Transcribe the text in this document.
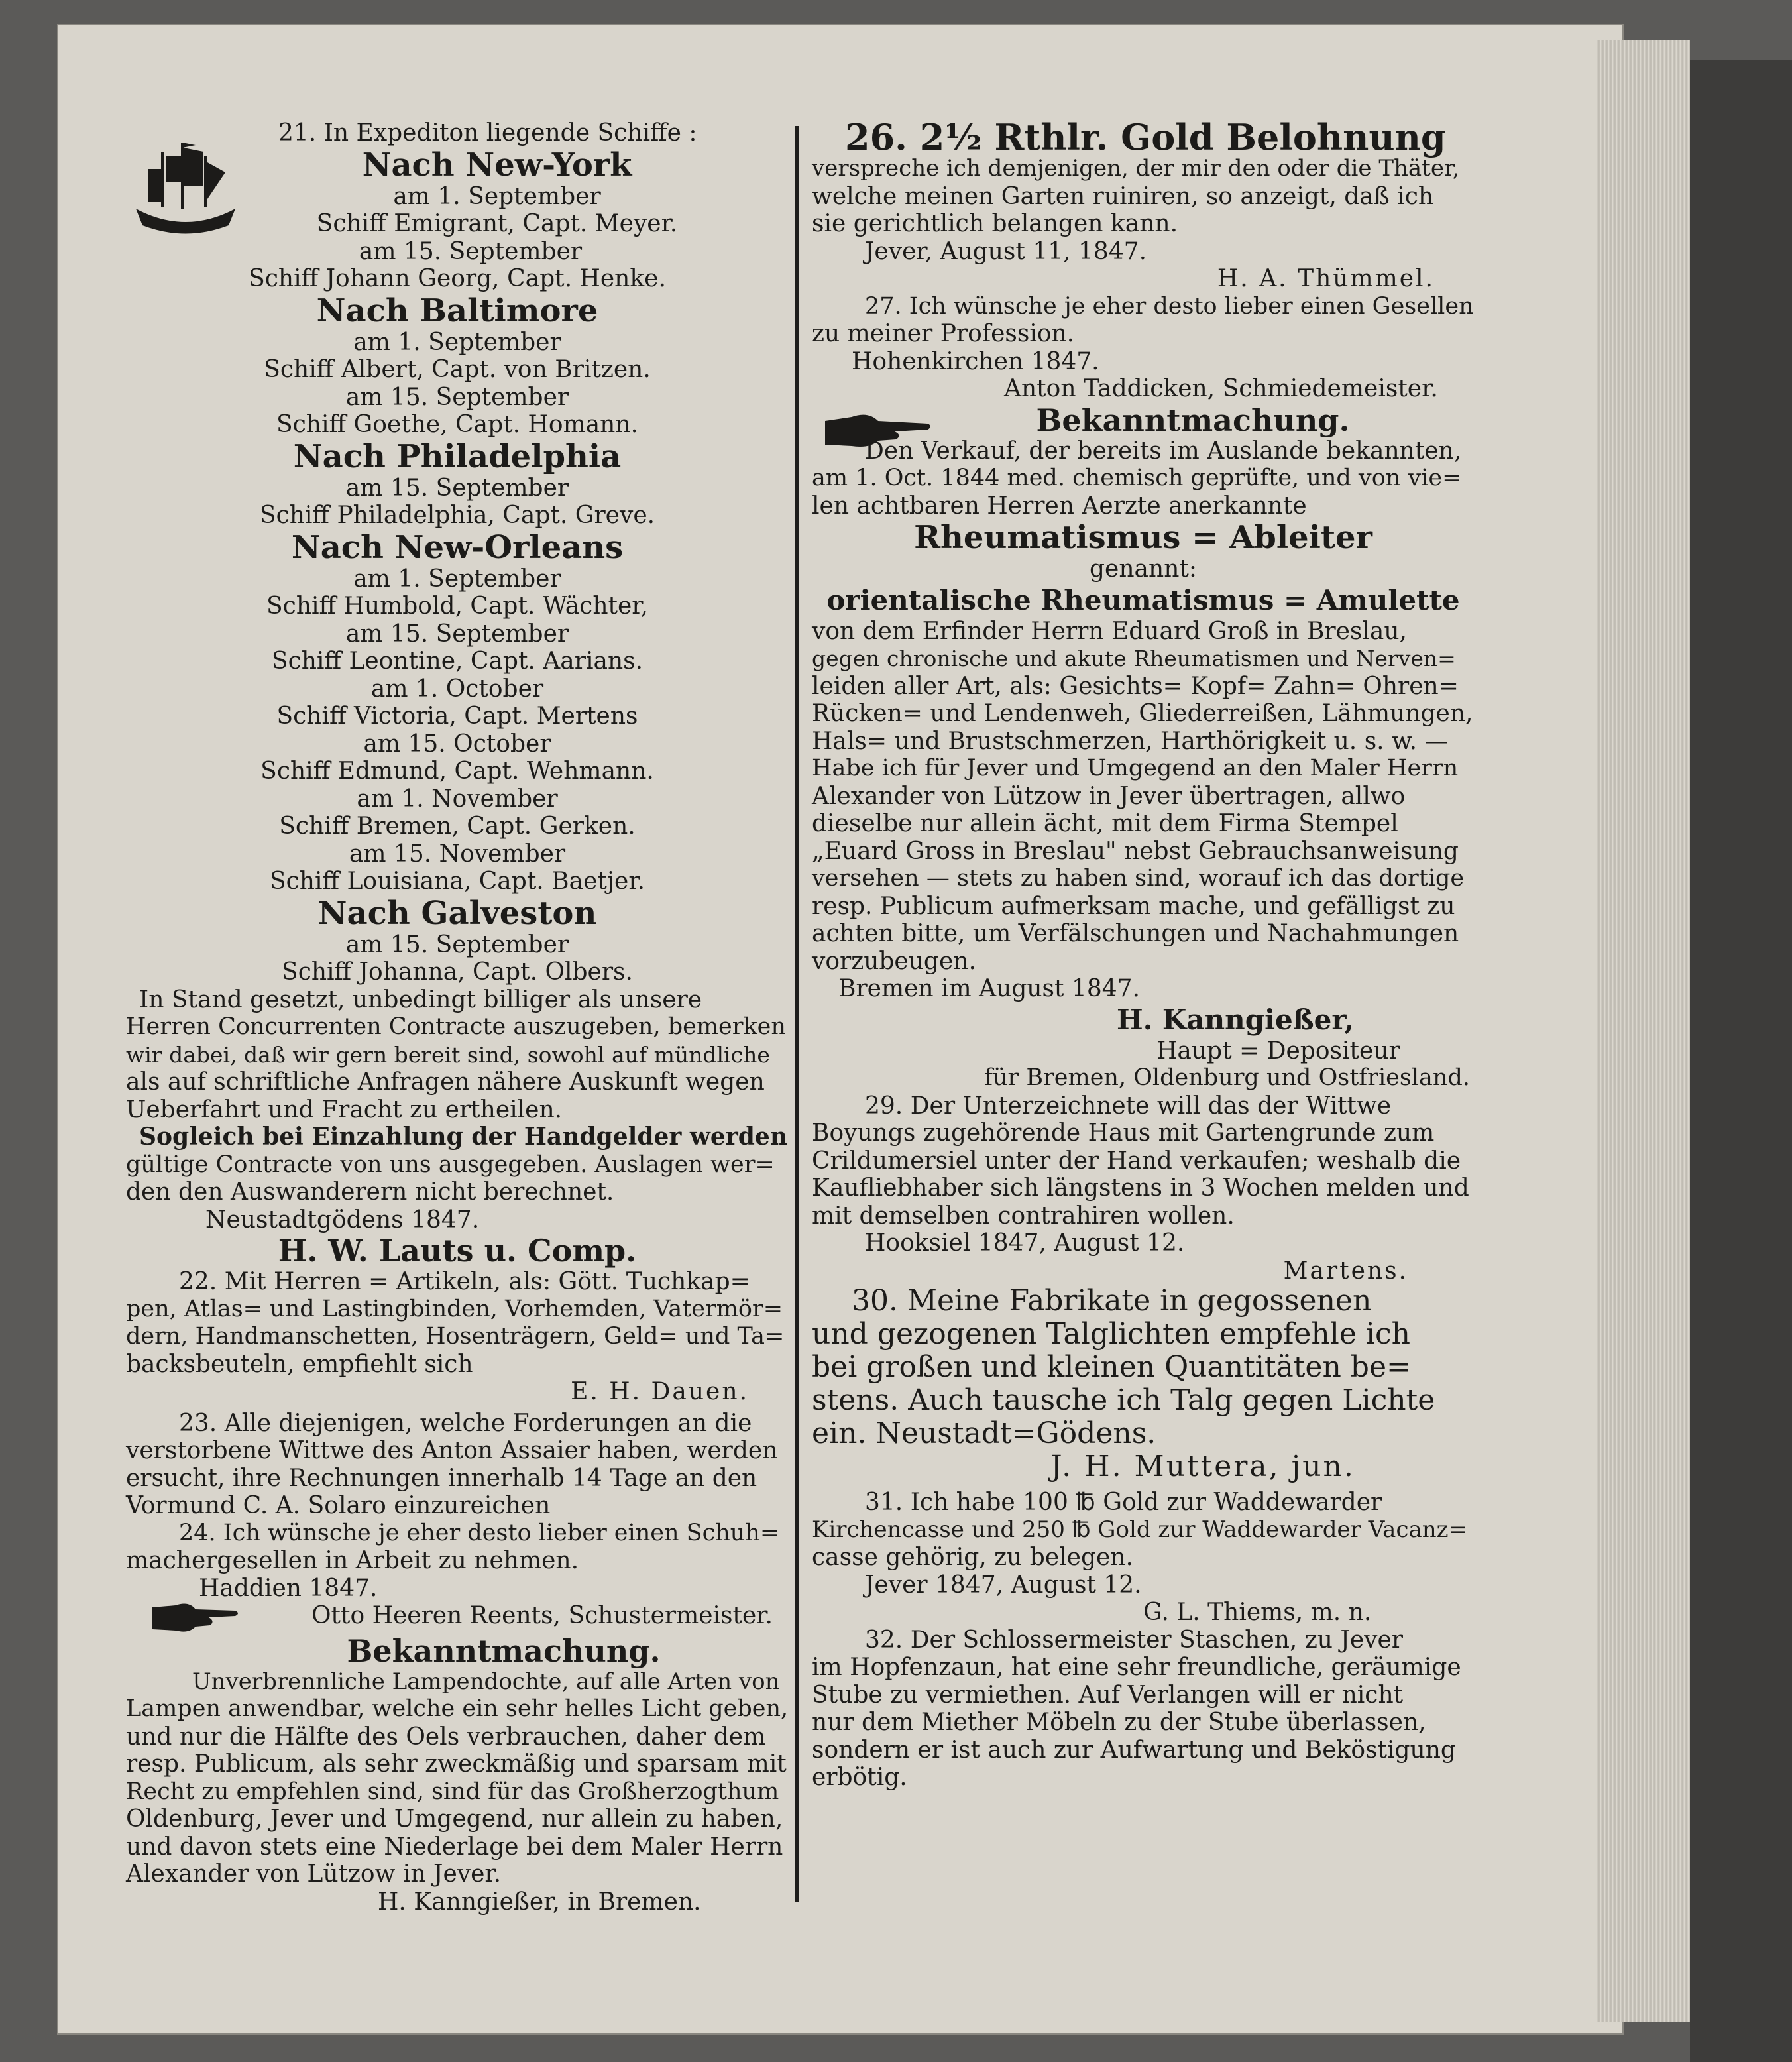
21. In Expediton liegende Schiffe :
Nach New-York
am 1. September
Schiff Emigrant, Capt. Meyer.
am 15. September
Schiff Johann Georg, Capt. Henke.
Nach Baltimore
am 1. September
Schiff Albert, Capt. von Britzen.
am 15. September
Schiff Goethe, Capt. Homann.
Nach Philadelphia
am 15. September
Schiff Philadelphia, Capt. Greve.
Nach New-Orleans
am 1. September
Schiff Humbold, Capt. Wächter,
am 15. September
Schiff Leontine, Capt. Aarians.
am 1. October
Schiff Victoria, Capt. Mertens
am 15. October
Schiff Edmund, Capt. Wehmann.
am 1. November
Schiff Bremen, Capt. Gerken.
am 15. November
Schiff Louisiana, Capt. Baetjer.
Nach Galveston
am 15. September
Schiff Johanna, Capt. Olbers.
In Stand gesetzt, unbedingt billiger als unsere
Herren Concurrenten Contracte auszugeben, bemerken
wir dabei, daß wir gern bereit sind, sowohl auf mündliche
als auf schriftliche Anfragen nähere Auskunft wegen
Ueberfahrt und Fracht zu ertheilen.
Sogleich bei Einzahlung der Handgelder werden
gültige Contracte von uns ausgegeben. Auslagen wer=
den den Auswanderern nicht berechnet.
Neustadtgödens 1847.
H. W. Lauts u. Comp.
22. Mit Herren = Artikeln, als: Gött. Tuchkap=
pen, Atlas= und Lastingbinden, Vorhemden, Vatermör=
dern, Handmanschetten, Hosenträgern, Geld= und Ta=
backsbeuteln, empfiehlt sich
E. H. Dauen.
23. Alle diejenigen, welche Forderungen an die
verstorbene Wittwe des Anton Assaier haben, werden
ersucht, ihre Rechnungen innerhalb 14 Tage an den
Vormund C. A. Solaro einzureichen
24. Ich wünsche je eher desto lieber einen Schuh=
machergesellen in Arbeit zu nehmen.
Haddien 1847.
Otto Heeren Reents, Schustermeister.
Bekanntmachung.
Unverbrennliche Lampendochte, auf alle Arten von
Lampen anwendbar, welche ein sehr helles Licht geben,
und nur die Hälfte des Oels verbrauchen, daher dem
resp. Publicum, als sehr zweckmäßig und sparsam mit
Recht zu empfehlen sind, sind für das Großherzogthum
Oldenburg, Jever und Umgegend, nur allein zu haben,
und davon stets eine Niederlage bei dem Maler Herrn
Alexander von Lützow in Jever.
H. Kanngießer, in Bremen.
26. 2½ Rthlr. Gold Belohnung
verspreche ich demjenigen, der mir den oder die Thäter,
welche meinen Garten ruiniren, so anzeigt, daß ich
sie gerichtlich belangen kann.
Jever, August 11, 1847.
H. A. Thümmel.
27. Ich wünsche je eher desto lieber einen Gesellen
zu meiner Profession.
Hohenkirchen 1847.
Anton Taddicken, Schmiedemeister.
Bekanntmachung.
Den Verkauf, der bereits im Auslande bekannten,
am 1. Oct. 1844 med. chemisch geprüfte, und von vie=
len achtbaren Herren Aerzte anerkannte
Rheumatismus = Ableiter
genannt:
orientalische Rheumatismus = Amulette
von dem Erfinder Herrn Eduard Groß in Breslau,
gegen chronische und akute Rheumatismen und Nerven=
leiden aller Art, als: Gesichts= Kopf= Zahn= Ohren=
Rücken= und Lendenweh, Gliederreißen, Lähmungen,
Hals= und Brustschmerzen, Harthörigkeit u. s. w. —
Habe ich für Jever und Umgegend an den Maler Herrn
Alexander von Lützow in Jever übertragen, allwo
dieselbe nur allein ächt, mit dem Firma Stempel
„Euard Gross in Breslau" nebst Gebrauchsanweisung
versehen — stets zu haben sind, worauf ich das dortige
resp. Publicum aufmerksam mache, und gefälligst zu
achten bitte, um Verfälschungen und Nachahmungen
vorzubeugen.
Bremen im August 1847.
H. Kanngießer,
Haupt = Depositeur
für Bremen, Oldenburg und Ostfriesland.
29. Der Unterzeichnete will das der Wittwe
Boyungs zugehörende Haus mit Gartengrunde zum
Crildumersiel unter der Hand verkaufen; weshalb die
Kaufliebhaber sich längstens in 3 Wochen melden und
mit demselben contrahiren wollen.
Hooksiel 1847, August 12.
Martens.
30. Meine Fabrikate in gegossenen
und gezogenen Talglichten empfehle ich
bei großen und kleinen Quantitäten be=
stens. Auch tausche ich Talg gegen Lichte
ein. Neustadt=Gödens.
J. H. Muttera, jun.
31. Ich habe 100 ℔ Gold zur Waddewarder
Kirchencasse und 250 ℔ Gold zur Waddewarder Vacanz=
casse gehörig, zu belegen.
Jever 1847, August 12.
G. L. Thiems, m. n.
32. Der Schlossermeister Staschen, zu Jever
im Hopfenzaun, hat eine sehr freundliche, geräumige
Stube zu vermiethen. Auf Verlangen will er nicht
nur dem Miether Möbeln zu der Stube überlassen,
sondern er ist auch zur Aufwartung und Beköstigung
erbötig.
